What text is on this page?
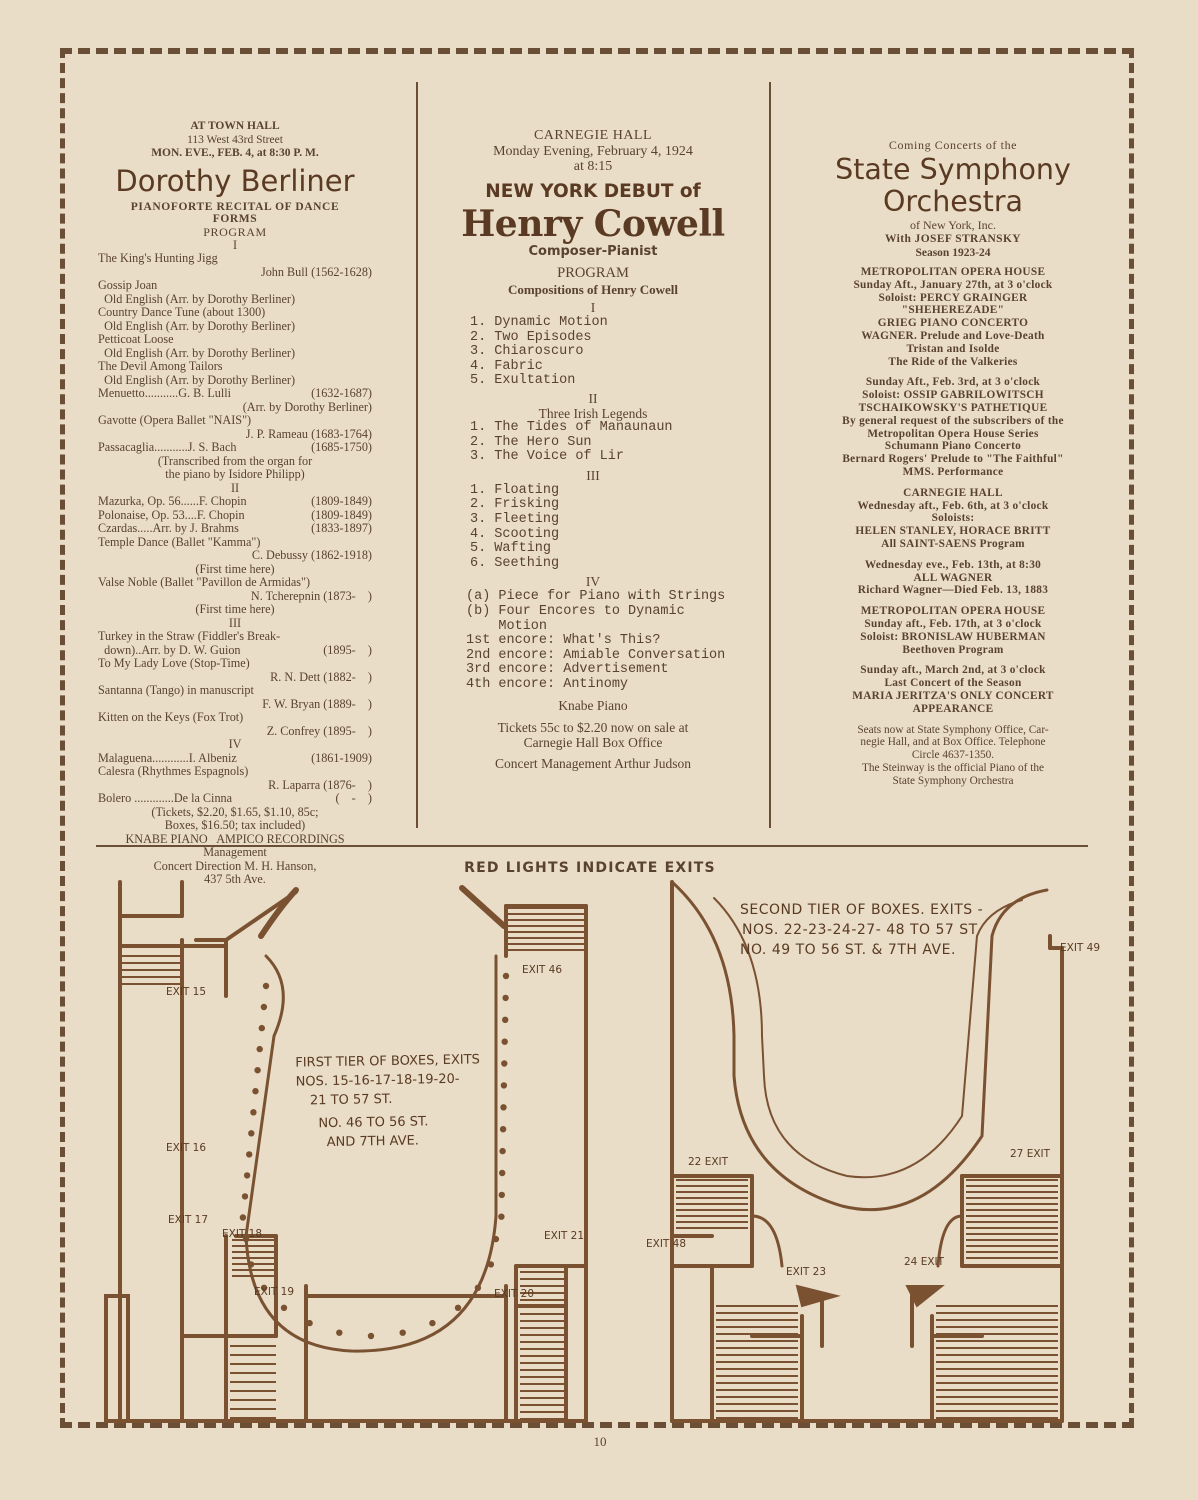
AT TOWN HALL
113 West 43rd Street
MON. EVE., FEB. 4, at 8:30 P. M.
Dorothy Berliner
PIANOFORTE RECITAL OF DANCE
FORMS
PROGRAM
I
The King's Hunting Jigg
John Bull (1562-1628)
Gossip Joan
Old English (Arr. by Dorothy Berliner)
Country Dance Tune (about 1300)
Old English (Arr. by Dorothy Berliner)
Petticoat Loose
Old English (Arr. by Dorothy Berliner)
The Devil Among Tailors
Old English (Arr. by Dorothy Berliner)
Menuetto...........G. B. Lulli	(1632-1687)
(Arr. by Dorothy Berliner)
Gavotte (Opera Ballet "NAIS")
J. P. Rameau (1683-1764)
Passacaglia...........J. S. Bach	(1685-1750)
(Transcribed from the organ for
the piano by Isidore Philipp)
II
Mazurka, Op. 56......F. Chopin	(1809-1849)
Polonaise, Op. 53....F. Chopin	(1809-1849)
Czardas.....Arr. by J. Brahms	(1833-1897)
Temple Dance (Ballet "Kamma")
C. Debussy (1862-1918)
(First time here)
Valse Noble (Ballet "Pavillon de Armidas")
N. Tcherepnin (1873-    )
(First time here)
III
Turkey in the Straw (Fiddler's Break-
down)..Arr. by D. W. Guion	(1895-    )
To My Lady Love (Stop-Time)
R. N. Dett (1882-    )
Santanna (Tango) in manuscript
F. W. Bryan (1889-    )
Kitten on the Keys (Fox Trot)
Z. Confrey (1895-    )
IV
Malaguena............I. Albeniz	(1861-1909)
Calesra (Rhythmes Espagnols)
R. Laparra (1876-    )
Bolero .............De la Cinna	(    -    )
(Tickets, $2.20, $1.65, $1.10, 85c;
Boxes, $16.50; tax included)
KNABE PIANO   AMPICO RECORDINGS
Management
Concert Direction M. H. Hanson,
437 5th Ave.
CARNEGIE HALL
Monday Evening, February 4, 1924
at 8:15
NEW YORK DEBUT of
Henry Cowell
Composer-Pianist
PROGRAM
Compositions of Henry Cowell
I
1. Dynamic Motion
2. Two Episodes
3. Chiaroscuro
4. Fabric
5. Exultation
II
Three Irish Legends
1. The Tides of Manaunaun
2. The Hero Sun
3. The Voice of Lir
III
1. Floating
2. Frisking
3. Fleeting
4. Scooting
5. Wafting
6. Seething
IV
(a) Piece for Piano with Strings
(b) Four Encores to Dynamic
Motion
1st encore: What's This?
2nd encore: Amiable Conversation
3rd encore: Advertisement
4th encore: Antinomy
Knabe Piano
Tickets 55c to $2.20 now on sale at
Carnegie Hall Box Office
Concert Management Arthur Judson
Coming Concerts of the
State Symphony
Orchestra
of New York, Inc.
With JOSEF STRANSKY
Season 1923-24
METROPOLITAN OPERA HOUSE
Sunday Aft., January 27th, at 3 o'clock
Soloist: PERCY GRAINGER
"SHEHEREZADE"
GRIEG PIANO CONCERTO
WAGNER. Prelude and Love-Death
Tristan and Isolde
The Ride of the Valkeries
Sunday Aft., Feb. 3rd, at 3 o'clock
Soloist: OSSIP GABRILOWITSCH
TSCHAIKOWSKY'S PATHETIQUE
By general request of the subscribers of the
Metropolitan Opera House Series
Schumann Piano Concerto
Bernard Rogers' Prelude to "The Faithful"
MMS. Performance
CARNEGIE HALL
Wednesday aft., Feb. 6th, at 3 o'clock
Soloists:
HELEN STANLEY, HORACE BRITT
All SAINT-SAENS Program
Wednesday eve., Feb. 13th, at 8:30
ALL WAGNER
Richard Wagner—Died Feb. 13, 1883
METROPOLITAN OPERA HOUSE
Sunday aft., Feb. 17th, at 3 o'clock
Soloist: BRONISLAW HUBERMAN
Beethoven Program
Sunday aft., March 2nd, at 3 o'clock
Last Concert of the Season
MARIA JERITZA'S ONLY CONCERT
APPEARANCE
Seats now at State Symphony Office, Car-
negie Hall, and at Box Office. Telephone
Circle 4637-1350.
The Steinway is the official Piano of the
State Symphony Orchestra
RED LIGHTS INDICATE EXITS
FIRST TIER OF BOXES, EXITS
NOS. 15-16-17-18-19-20-
21 TO 57 ST.
NO. 46 TO 56 ST.
AND 7TH AVE.
EXIT 15
EXIT 16
EXIT 17
EXIT 18
EXIT 19	EXIT 20
EXIT 21
EXIT 46
SECOND TIER OF BOXES. EXITS -
NOS. 22-23-24-27- 48 TO 57 ST
NO. 49 TO 56 ST. & 7TH AVE.	EXIT 49
22 EXIT
27 EXIT
EXIT 48
EXIT 23
24 EXIT
10
